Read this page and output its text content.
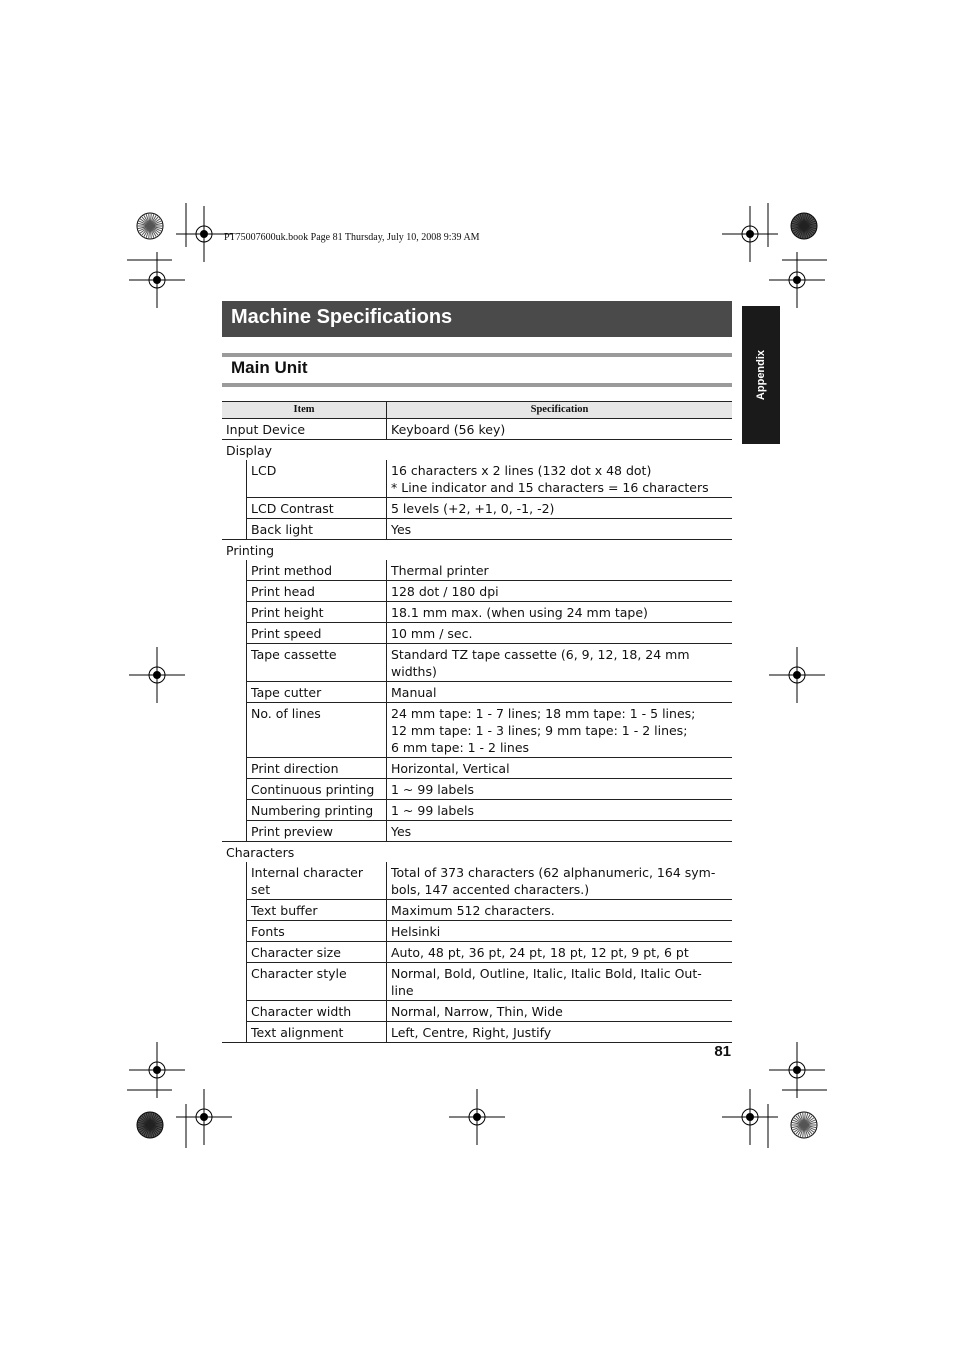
PT75007600uk.book Page 81 Thursday, July 10, 2008 9:39 AM
Machine Specifications
Main Unit	Appendix
Item		Specification
Input Device		Keyboard (56 key)

Display		
	LCD	16 characters x 2 lines (132 dot x 48 dot)
* Line indicator and 15 characters = 16 characters

	LCD Contrast	5 levels (+2, +1, 0, -1, -2)

	Back light	Yes

Printing		
	Print method	Thermal printer

	Print head	128 dot / 180 dpi

	Print height	18.1 mm max. (when using 24 mm tape)

	Print speed	10 mm / sec.

	Tape cassette	Standard TZ tape cassette (6, 9, 12, 18, 24 mm widths)

	Tape cutter	Manual

	No. of lines	24 mm tape: 1 - 7 lines; 18 mm tape: 1 - 5 lines;
12 mm tape: 1 - 3 lines; 9 mm tape: 1 - 2 lines;
6 mm tape: 1 - 2 lines

	Print direction	Horizontal, Vertical

	Continuous printing	1 ~ 99 labels

	Numbering printing	1 ~ 99 labels

	Print preview	Yes

Characters		
	Internal character set	Total of 373 characters (62 alphanumeric, 164 sym-
bols, 147 accented characters.)

	Text buffer	Maximum 512 characters.

	Fonts	Helsinki

	Character size	Auto, 48 pt, 36 pt, 24 pt, 18 pt, 12 pt, 9 pt, 6 pt

	Character style	Normal, Bold, Outline, Italic, Italic Bold, Italic Out-
line

	Character width	Normal, Narrow, Thin, Wide

	Text alignment	Left, Centre, Right, Justify
81
